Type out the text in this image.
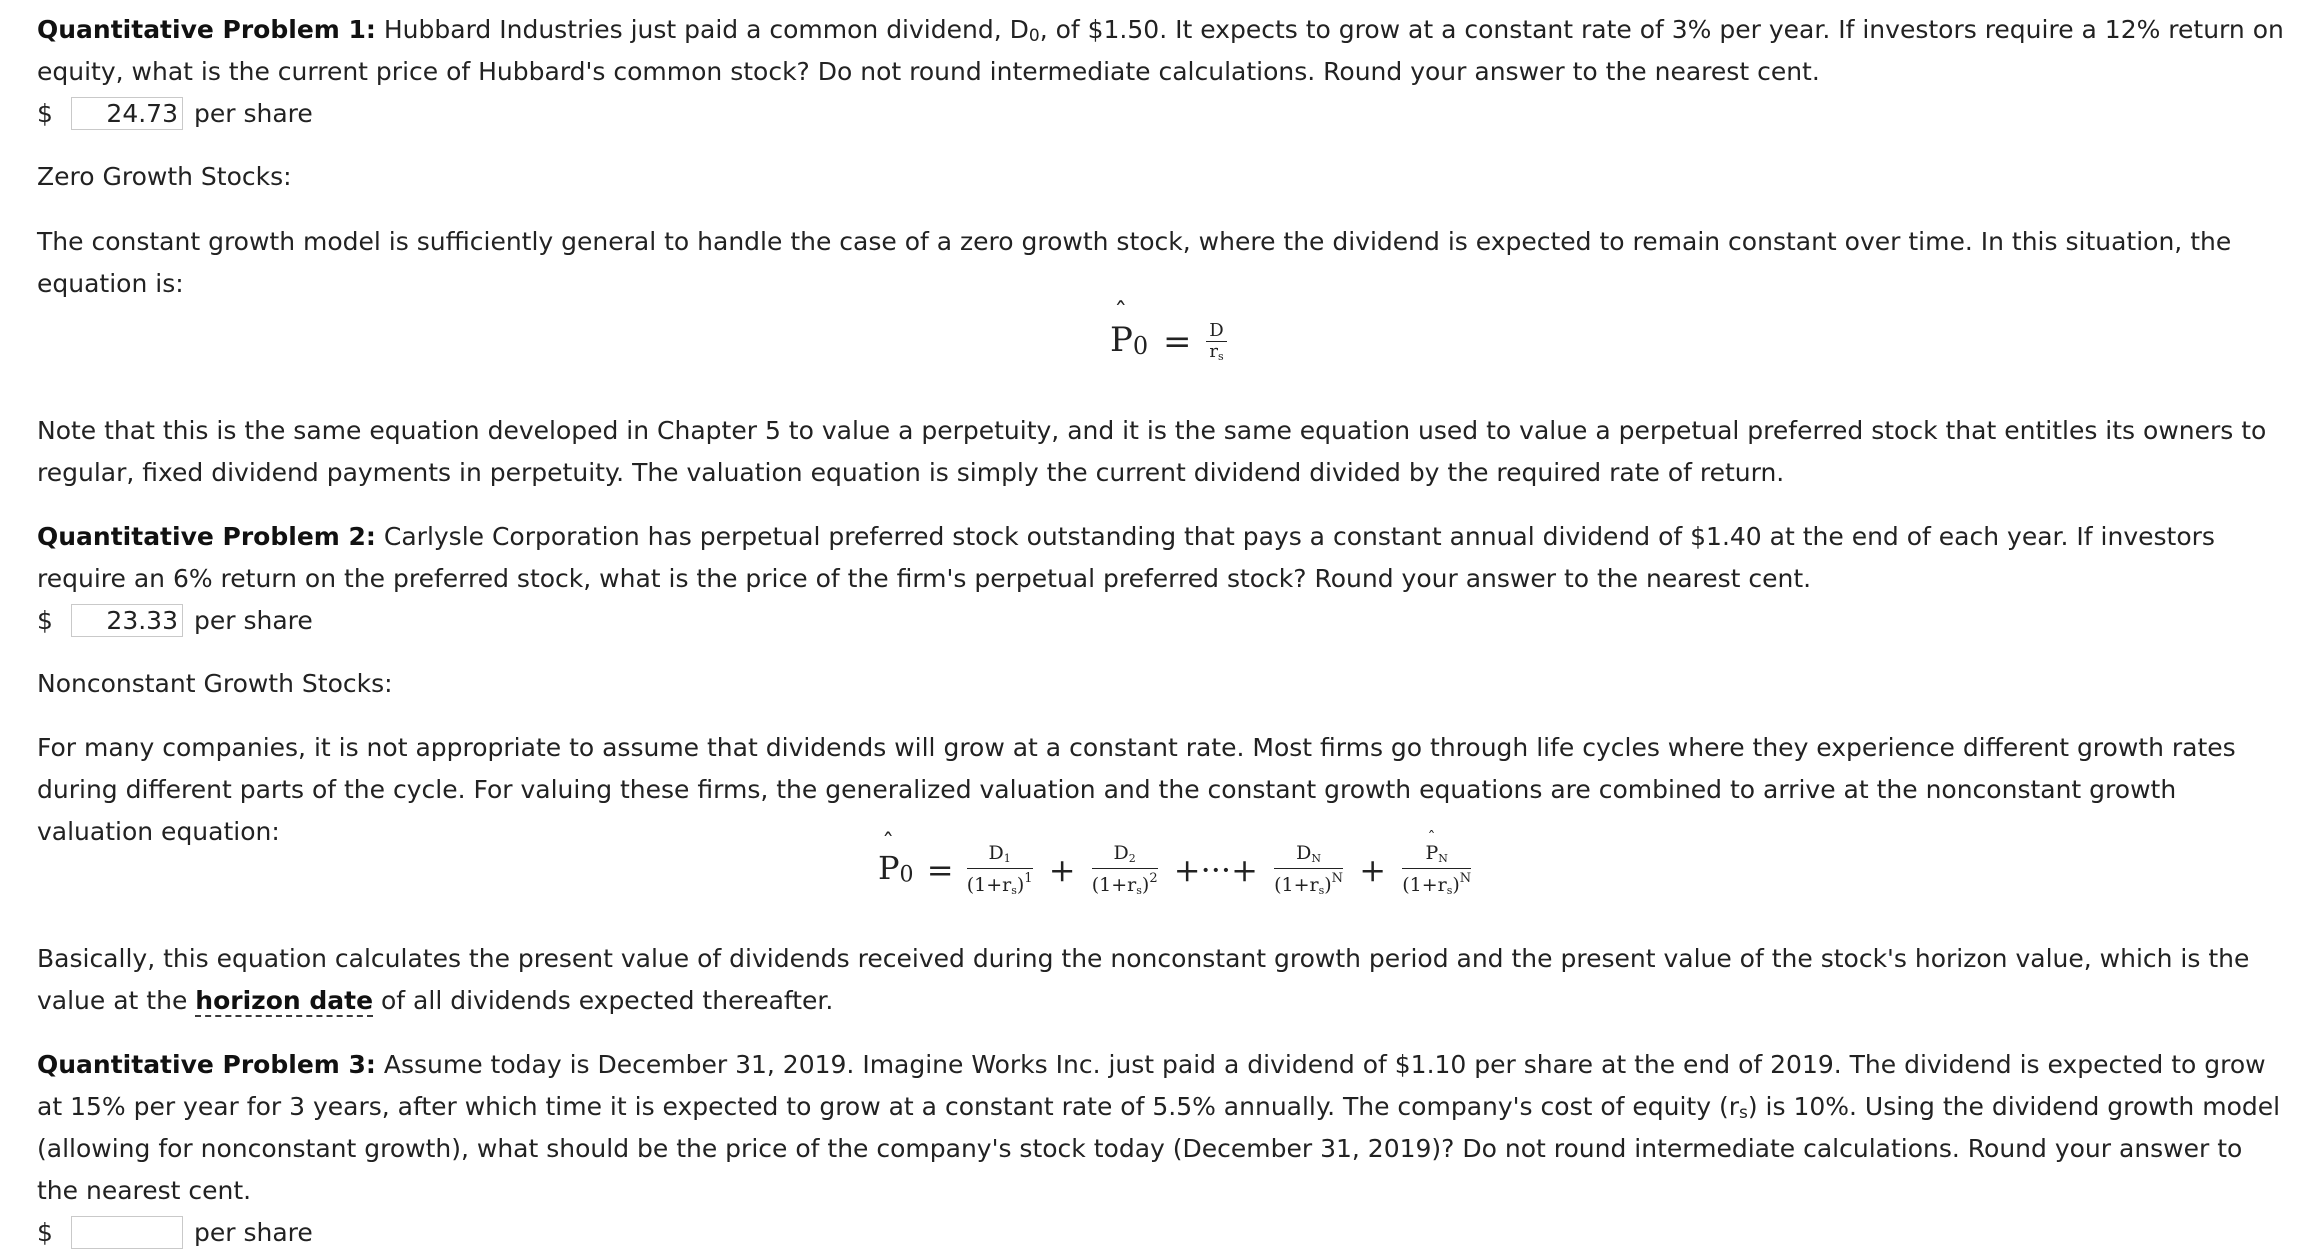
Quantitative Problem 1: Hubbard Industries just paid a common dividend, D0, of $1.50. It expects to grow at a constant rate of 3% per year. If investors require a 12% return on equity, what is the current price of Hubbard's common stock? Do not round intermediate calculations. Round your answer to the nearest cent.

$
24.73	per share

Zero Growth Stocks:

The constant growth model is sufficiently general to handle the case of a zero growth stock, where the dividend is expected to remain constant over time. In this situation, the equation is:

Note that this is the same equation developed in Chapter 5 to value a perpetuity, and it is the same equation used to value a perpetual preferred stock that entitles its owners to regular, fixed dividend payments in perpetuity. The valuation equation is simply the current dividend divided by the required rate of return.

Quantitative Problem 2: Carlysle Corporation has perpetual preferred stock outstanding that pays a constant annual dividend of $1.40 at the end of each year. If investors require an 6% return on the preferred stock, what is the price of the firm's perpetual preferred stock? Round your answer to the nearest cent.

$
23.33	per share

Nonconstant Growth Stocks:

For many companies, it is not appropriate to assume that dividends will grow at a constant rate. Most firms go through life cycles where they experience different growth rates during different parts of the cycle. For valuing these firms, the generalized valuation and the constant growth equations are combined to arrive at the nonconstant growth valuation equation:

Basically, this equation calculates the present value of dividends received during the nonconstant growth period and the present value of the stock's horizon value, which is the value at the horizon date of all dividends expected thereafter.

Quantitative Problem 3: Assume today is December 31, 2019. Imagine Works Inc. just paid a dividend of $1.10 per share at the end of 2019. The dividend is expected to grow at 15% per year for 3 years, after which time it is expected to grow at a constant rate of 5.5% annually. The company's cost of equity (rs) is 10%. Using the dividend growth model (allowing for nonconstant growth), what should be the price of the company's stock today (December 31, 2019)? Do not round intermediate calculations. Round your answer to the nearest cent.

$	per share
ˆ
$P_0 = \frac{D}{r_s}$
ˆ
$P_0 = \frac{D_1}{(1+r_s)^1} + \frac{D_2}{(1+r_s)^2}$ +···+ $\frac{D_N}{(1+r_s)^N}$ + ˆ
$P_N$
$(1+r_s)^N$
